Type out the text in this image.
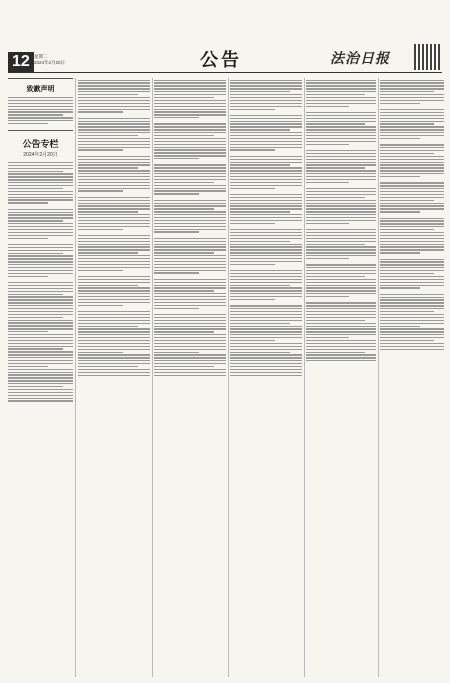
12 星期二
2024年2月20日	公告	法治日报
致歉声明
公告专栏
2024年2月20日
